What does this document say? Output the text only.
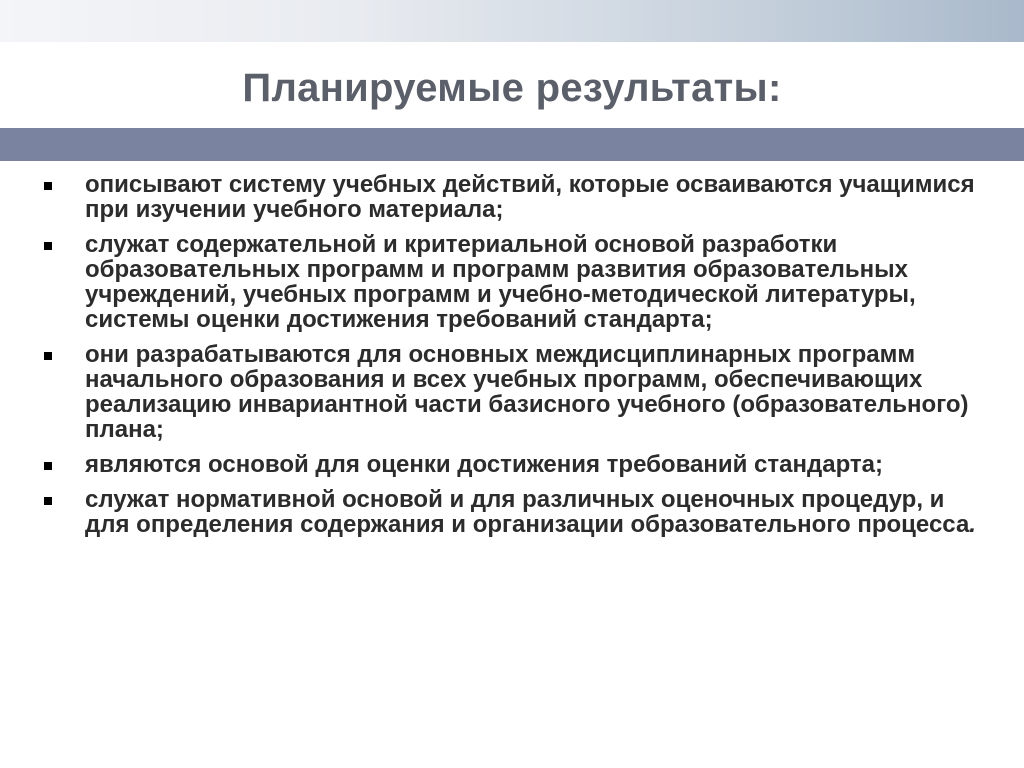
Планируемые результаты:
описывают систему учебных действий, которые осваиваются учащимися при изучении учебного материала;
служат содержательной и критериальной основой разработки образовательных программ и программ развития образовательных учреждений, учебных программ и учебно-методической литературы, системы оценки достижения требований стандарта;
они разрабатываются для основных междисциплинарных программ начального образования и всех учебных программ, обеспечивающих реализацию инвариантной части базисного учебного (образовательного) плана;
являются основой для оценки достижения требований стандарта;
служат нормативной основой и для различных оценочных процедур, и для определения содержания и организации образовательного процесса.
